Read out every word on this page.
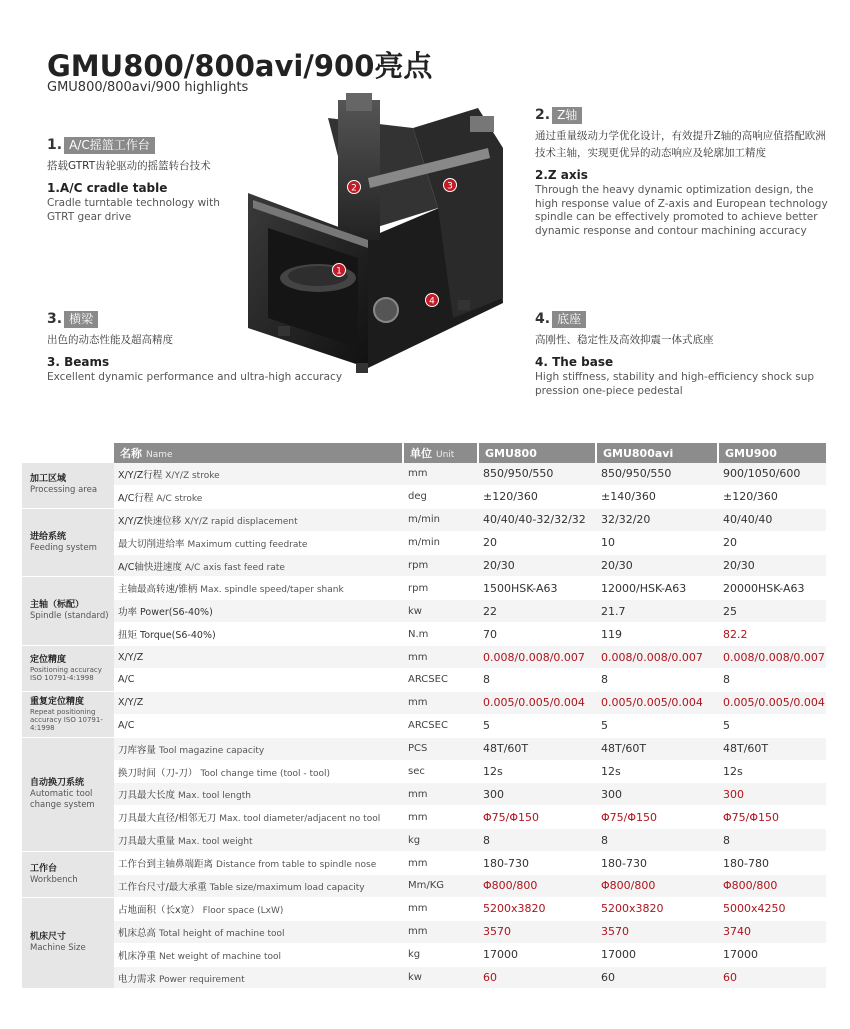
GMU800/800avi/900亮点
GMU800/800avi/900 highlights
1. A/C摇篮工作台
搭载GTRT齿轮驱动的摇篮转台技术
1.A/C cradle table
Cradle turntable technology with GTRT gear drive
2. Z轴
通过重量级动力学优化设计，有效提升Z轴的高响应值搭配欧洲技术主轴，实现更优异的动态响应及轮廓加工精度
2.Z axis
Through the heavy dynamic optimization design, the high response value of Z-axis and European technology spindle can be effectively promoted to achieve better dynamic response and contour machining accuracy
3. 横梁
出色的动态性能及超高精度
3. Beams
Excellent dynamic performance and ultra-high accuracy
4. 底座
高刚性、稳定性及高效抑震一体式底座
4. The base
High stiffness, stability and high-efficiency shock sup pression one-piece pedestal
1
2	3
4
	名称 Name	单位 Unit	GMU800	GMU800avi	GMU900
加工区域
Processing area	X/Y/Z行程 X/Y/Z stroke	mm	850/950/550	850/950/550	900/1050/600
	A/C行程 A/C stroke	deg	±120/360	±140/360	±120/360
进给系统
Feeding system	X/Y/Z快速位移 X/Y/Z rapid displacement	m/min	40/40/40-32/32/32	32/32/20	40/40/40
	最大切削进给率 Maximum cutting feedrate	m/min	20	10	20
	A/C轴快进速度 A/C axis fast feed rate	rpm	20/30	20/30	20/30
主轴（标配）
Spindle (standard)	主轴最高转速/锥柄 Max. spindle speed/taper shank	rpm	1500HSK-A63	12000/HSK-A63	20000HSK-A63
	功率 Power(S6-40%)	kw	22	21.7	25
	扭矩 Torque(S6-40%)	N.m	70	119	82.2
定位精度
Positioning accuracy ISO 10791-4:1998	X/Y/Z	mm	0.008/0.008/0.007	0.008/0.008/0.007	0.008/0.008/0.007
	A/C	ARCSEC	8	8	8
重复定位精度
Repeat positioning accuracy ISO 10791-4:1998	X/Y/Z	mm	0.005/0.005/0.004	0.005/0.005/0.004	0.005/0.005/0.004
	A/C	ARCSEC	5	5	5
自动换刀系统
Automatic tool change system	刀库容量 Tool magazine capacity	PCS	48T/60T	48T/60T	48T/60T
	换刀时间（刀-刀） Tool change time (tool - tool)	sec	12s	12s	12s
	刀具最大长度 Max. tool length	mm	300	300	300
	刀具最大直径/相邻无刀 Max. tool diameter/adjacent no tool	mm	Φ75/Φ150	Φ75/Φ150	Φ75/Φ150
	刀具最大重量 Max. tool weight	kg	8	8	8
工作台
Workbench	工作台到主轴鼻端距离 Distance from table to spindle nose	mm	180-730	180-730	180-780
	工作台尺寸/最大承重 Table size/maximum load capacity	Mm/KG	Φ800/800	Φ800/800	Φ800/800
机床尺寸
Machine Size	占地面积（长x宽） Floor space (LxW)	mm	5200x3820	5200x3820	5000x4250
	机床总高 Total height of machine tool	mm	3570	3570	3740
	机床净重 Net weight of machine tool	kg	17000	17000	17000
	电力需求 Power requirement	kw	60	60	60
